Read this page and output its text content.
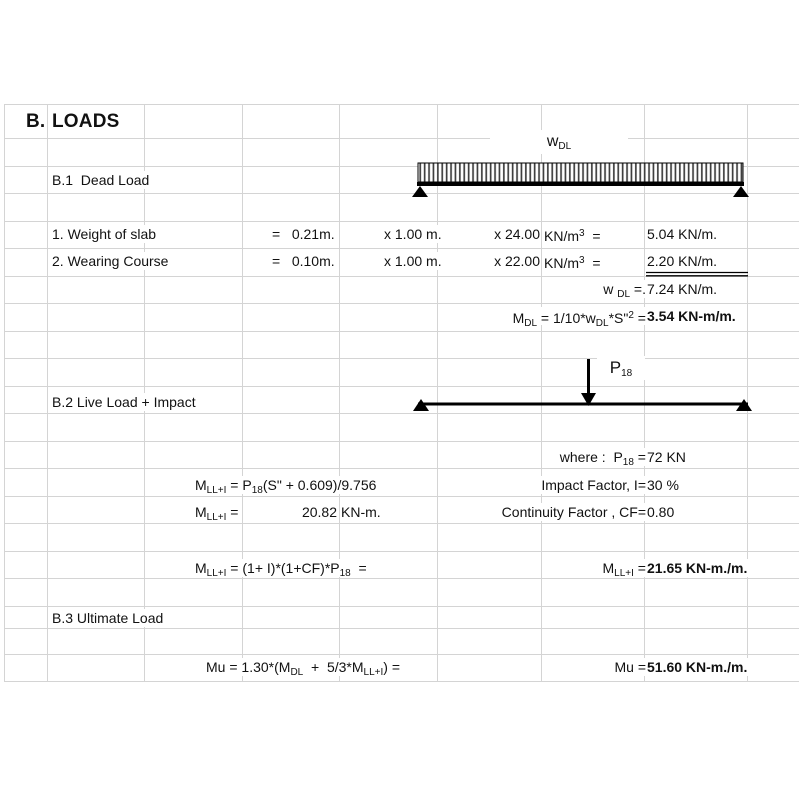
B. LOADS
B.1  Dead Load
1. Weight of slab	=   0.21m.	x 1.00 m.	x 24.00 $KN/m^3$  =	5.04 KN/m.
2. Wearing Course	=   0.10m.	x 1.00 m.	x 22.00 $KN/m^3$  =	2.20 KN/m.
w $_{DL}$ =. 7.24 KN/m.
$M_{DL}$ = $1/10*w_{DL}*S"^2 = 3.54$ KN-m/m.
B.2 Live Load + Impact
where :  $P_{18} = 72$ KN
$M_{LL+I} = P_{18}(S$" + 0.609)/9.756	Impact Factor, I= 30 %
$M_{LL+I}$ =	20.82 KN-m.	Continuity Factor , CF= 0.80
$M_{LL+I} = (1+ I)*(1+CF)*P_{18}$  =	$M_{LL+I} = 21.65$ KN-m./m.
B.3 Ultimate Load
$Mu = 1.30*(M_{DL} + 5/3*M_{LL+I})$ =	Mu = 51.60 KN-m./m.
$w_{DL}$
$P_{18}$
